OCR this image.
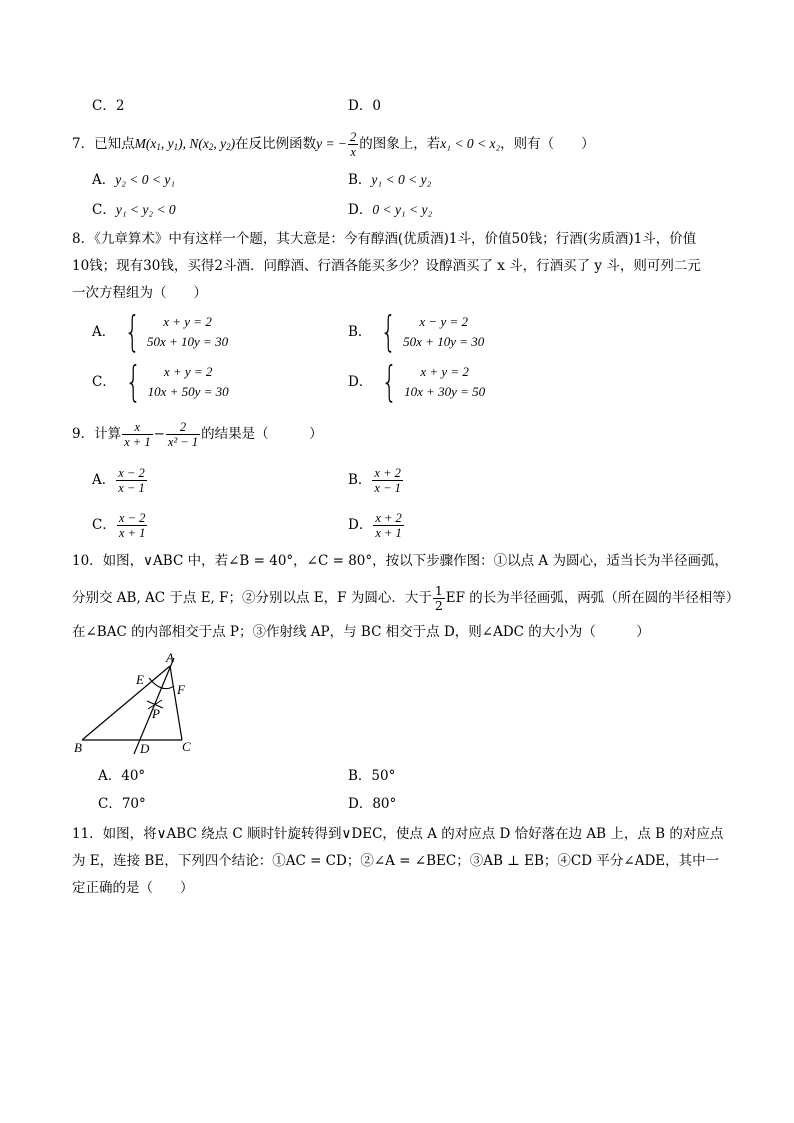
C．2	D．0
7．已知点$M(x_1$, $y_1$), $N(x_2$, $y_2$)在反比例函数y = − $\frac{2}{x}$ 的图象上，若x₁ < 0 < x₂，则有（　　）
A．y₂ < 0 < y₁	B．y₁ < 0 < y₂
C．y₁ < y₂ < 0	D．0 < y₁ < y₂
8．《九章算术》中有这样一个题，其大意是：今有醇酒(优质酒)1斗，价值50钱；行酒(劣质酒)1斗，价值
10钱；现有30钱，买得2斗酒．问醇酒、行酒各能买多少？设醇酒买了 x 斗，行酒买了 y 斗，则可列二元
一次方程组为（　　）
A． {	x + y = 2
50x + 10y = 30
B． {	x − y = 2
50x + 10y = 30
C． {	x + y = 2
10x + 50y = 30
D． {	x + y = 2
10x + 30y = 50
9．计算 $\frac{x}{x + 1} - \frac{2}{\text{x² − 1}}$ 的结果是（　　　）
A． $\frac{x - 2}{x - 1}$	B． $\frac{x + 2}{x - 1}$
C． $\frac{x - 2}{x + 1}$	D． $\frac{x + 2}{x + 1}$
10．如图，∨ABC 中，若∠B = 40°，∠C = 80°，按以下步骤作图：①以点 A 为圆心，适当长为半径画弧，
分别交 AB, AC 于点 E, F；②分别以点 E，F 为圆心．大于 $\frac{1}{2}$ EF 的长为半径画弧，两弧（所在圆的半径相等）
在∠BAC 的内部相交于点 P；③作射线 AP，与 BC 相交于点 D，则∠ADC 的大小为（　　　）
A
B	C
D
E
F
P
A．40°	B．50°
C．70°	D．80°
11．如图，将∨ABC 绕点 C 顺时针旋转得到∨DEC，使点 A 的对应点 D 恰好落在边 AB 上，点 B 的对应点
为 E，连接 BE，下列四个结论：①AC = CD；②∠A = ∠BEC；③AB ⊥ EB；④CD 平分∠ADE，其中一
定正确的是（　　）
